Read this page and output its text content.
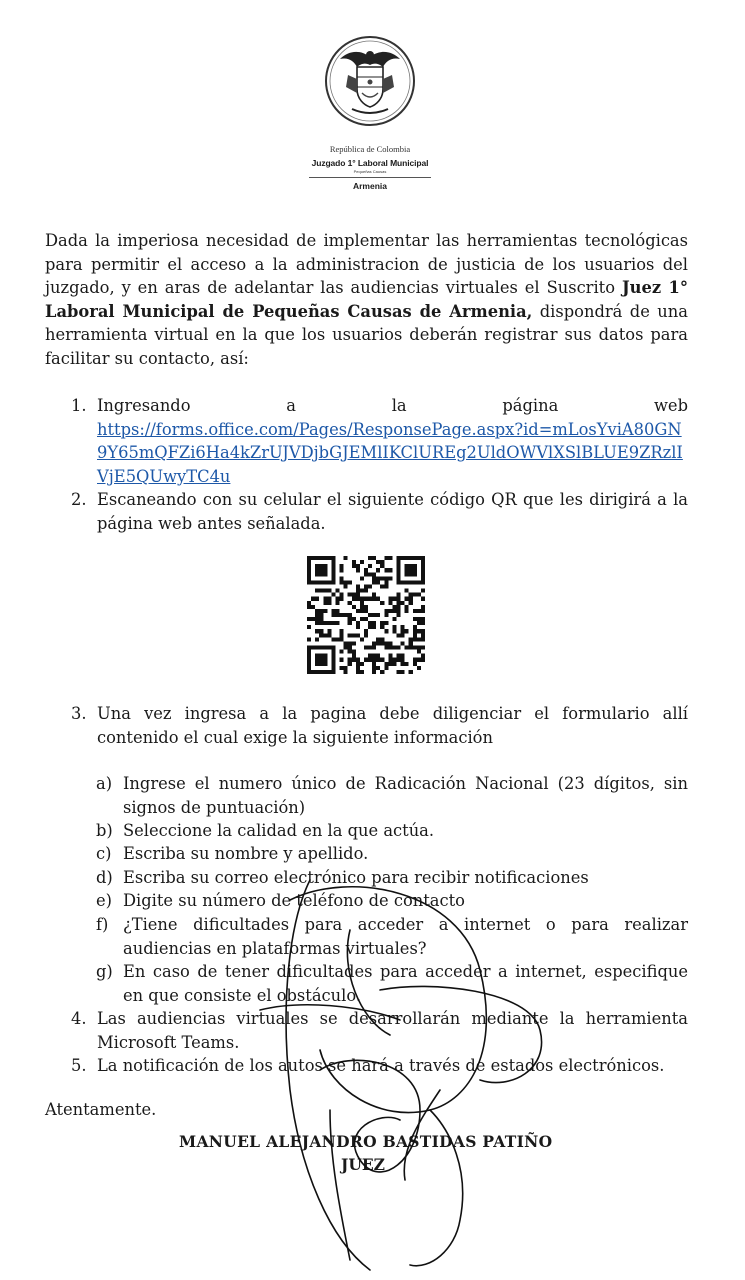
República de Colombia
Juzgado 1° Laboral Municipal
Pequeñas Causas
Armenia

Dada la imperiosa necesidad de implementar las herramientas tecnológicas para permitir el acceso a la administracion de justicia de los usuarios del juzgado, y en aras de adelantar las audiencias virtuales el Suscrito Juez 1° Laboral Municipal de Pequeñas Causas de Armenia, dispondrá de una herramienta virtual en la que los usuarios deberán registrar sus datos para facilitar su contacto, así:

1. Ingresando	a	la	página	web
https://forms.office.com/Pages/ResponsePage.aspx?id=mLosYviA80GN9Y65mQFZi6Ha4kZrUJVDjbGJEMlIKClUREg2UldOWVlXSlBLUE9ZRzlIVjE5QUwyTC4u
2. Escaneando con su celular el siguiente código QR que les dirigirá a la página web antes señalada.
3. Una vez ingresa a la pagina debe diligenciar el formulario allí contenido el cual exige la siguiente información
a) Ingrese el numero único de Radicación Nacional (23 dígitos, sin signos de puntuación)
b) Seleccione la calidad en la que actúa.
c) Escriba su nombre y apellido.
d) Escriba su correo electrónico para recibir notificaciones
e) Digite su número de teléfono de contacto
f) ¿Tiene dificultades para acceder a internet o para realizar audiencias en plataformas virtuales?
g) En caso de tener dificultades para acceder a internet, especifique en que consiste el obstáculo.
4. Las audiencias virtuales se desarrollarán mediante la herramienta Microsoft Teams.
5. La notificación de los autos se hará a través de estados electrónicos.
Atentamente.
MANUEL ALEJANDRO BASTIDAS PATIÑO
JUEZ
